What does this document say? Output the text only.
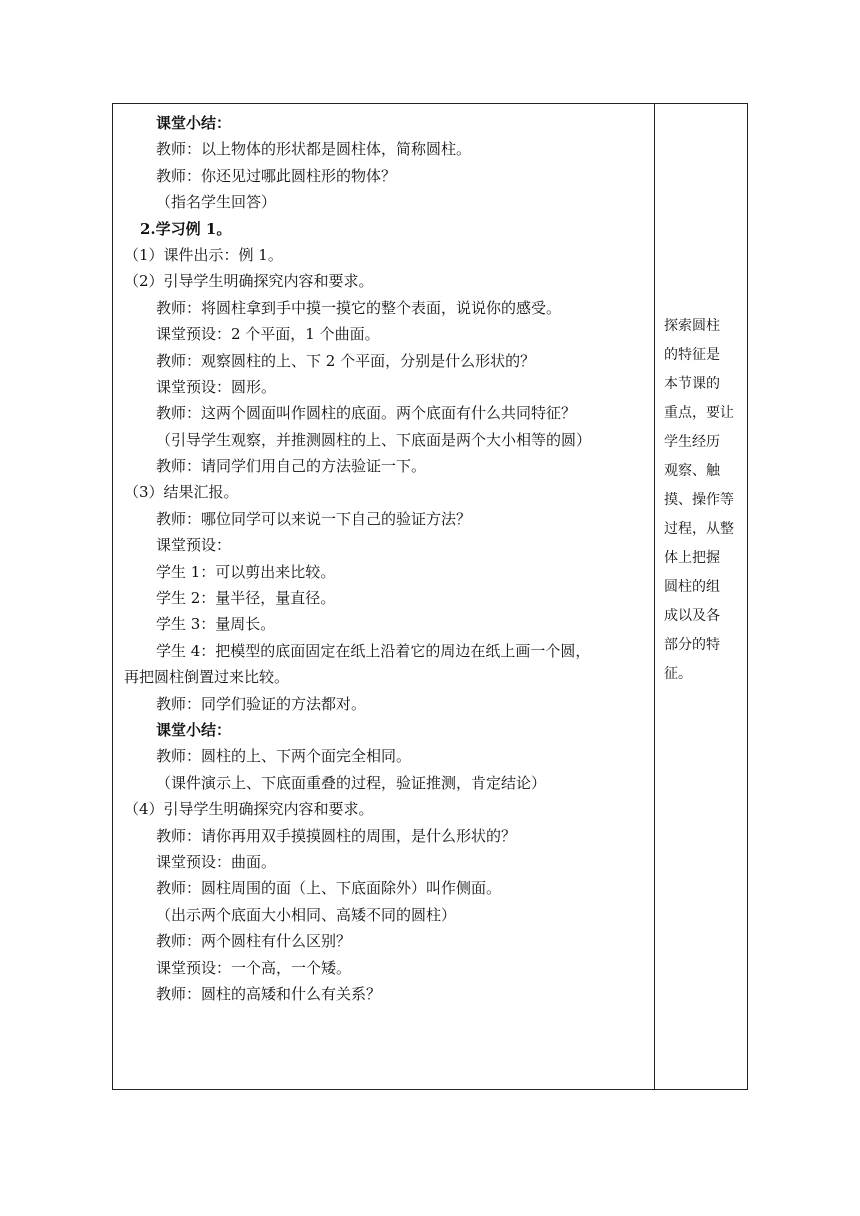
课堂小结：
教师：以上物体的形状都是圆柱体，简称圆柱。
教师：你还见过哪此圆柱形的物体？
（指名学生回答）
2.学习例 1。
（1）课件出示：例 1。
（2）引导学生明确探究内容和要求。
教师：将圆柱拿到手中摸一摸它的整个表面，说说你的感受。
课堂预设：2 个平面，1 个曲面。
教师：观察圆柱的上、下 2 个平面，分别是什么形状的？
课堂预设：圆形。
教师：这两个圆面叫作圆柱的底面。两个底面有什么共同特征？
（引导学生观察，并推测圆柱的上、下底面是两个大小相等的圆）
教师：请同学们用自己的方法验证一下。
（3）结果汇报。
教师：哪位同学可以来说一下自己的验证方法？
课堂预设：
学生 1：可以剪出来比较。
学生 2：量半径，量直径。
学生 3：量周长。
学生 4：把模型的底面固定在纸上沿着它的周边在纸上画一个圆，
再把圆柱倒置过来比较。
教师：同学们验证的方法都对。
课堂小结：
教师：圆柱的上、下两个面完全相同。
（课件演示上、下底面重叠的过程，验证推测，肯定结论）
（4）引导学生明确探究内容和要求。
教师：请你再用双手摸摸圆柱的周围，是什么形状的？
课堂预设：曲面。
教师：圆柱周围的面（上、下底面除外）叫作侧面。
（出示两个底面大小相同、高矮不同的圆柱）
教师：两个圆柱有什么区别？
课堂预设：一个高，一个矮。
教师：圆柱的高矮和什么有关系？
探索圆柱
的特征是
本节课的
重点，要让
学生经历
观察、触
摸、操作等
过程，从整
体上把握
圆柱的组
成以及各
部分的特
征。
